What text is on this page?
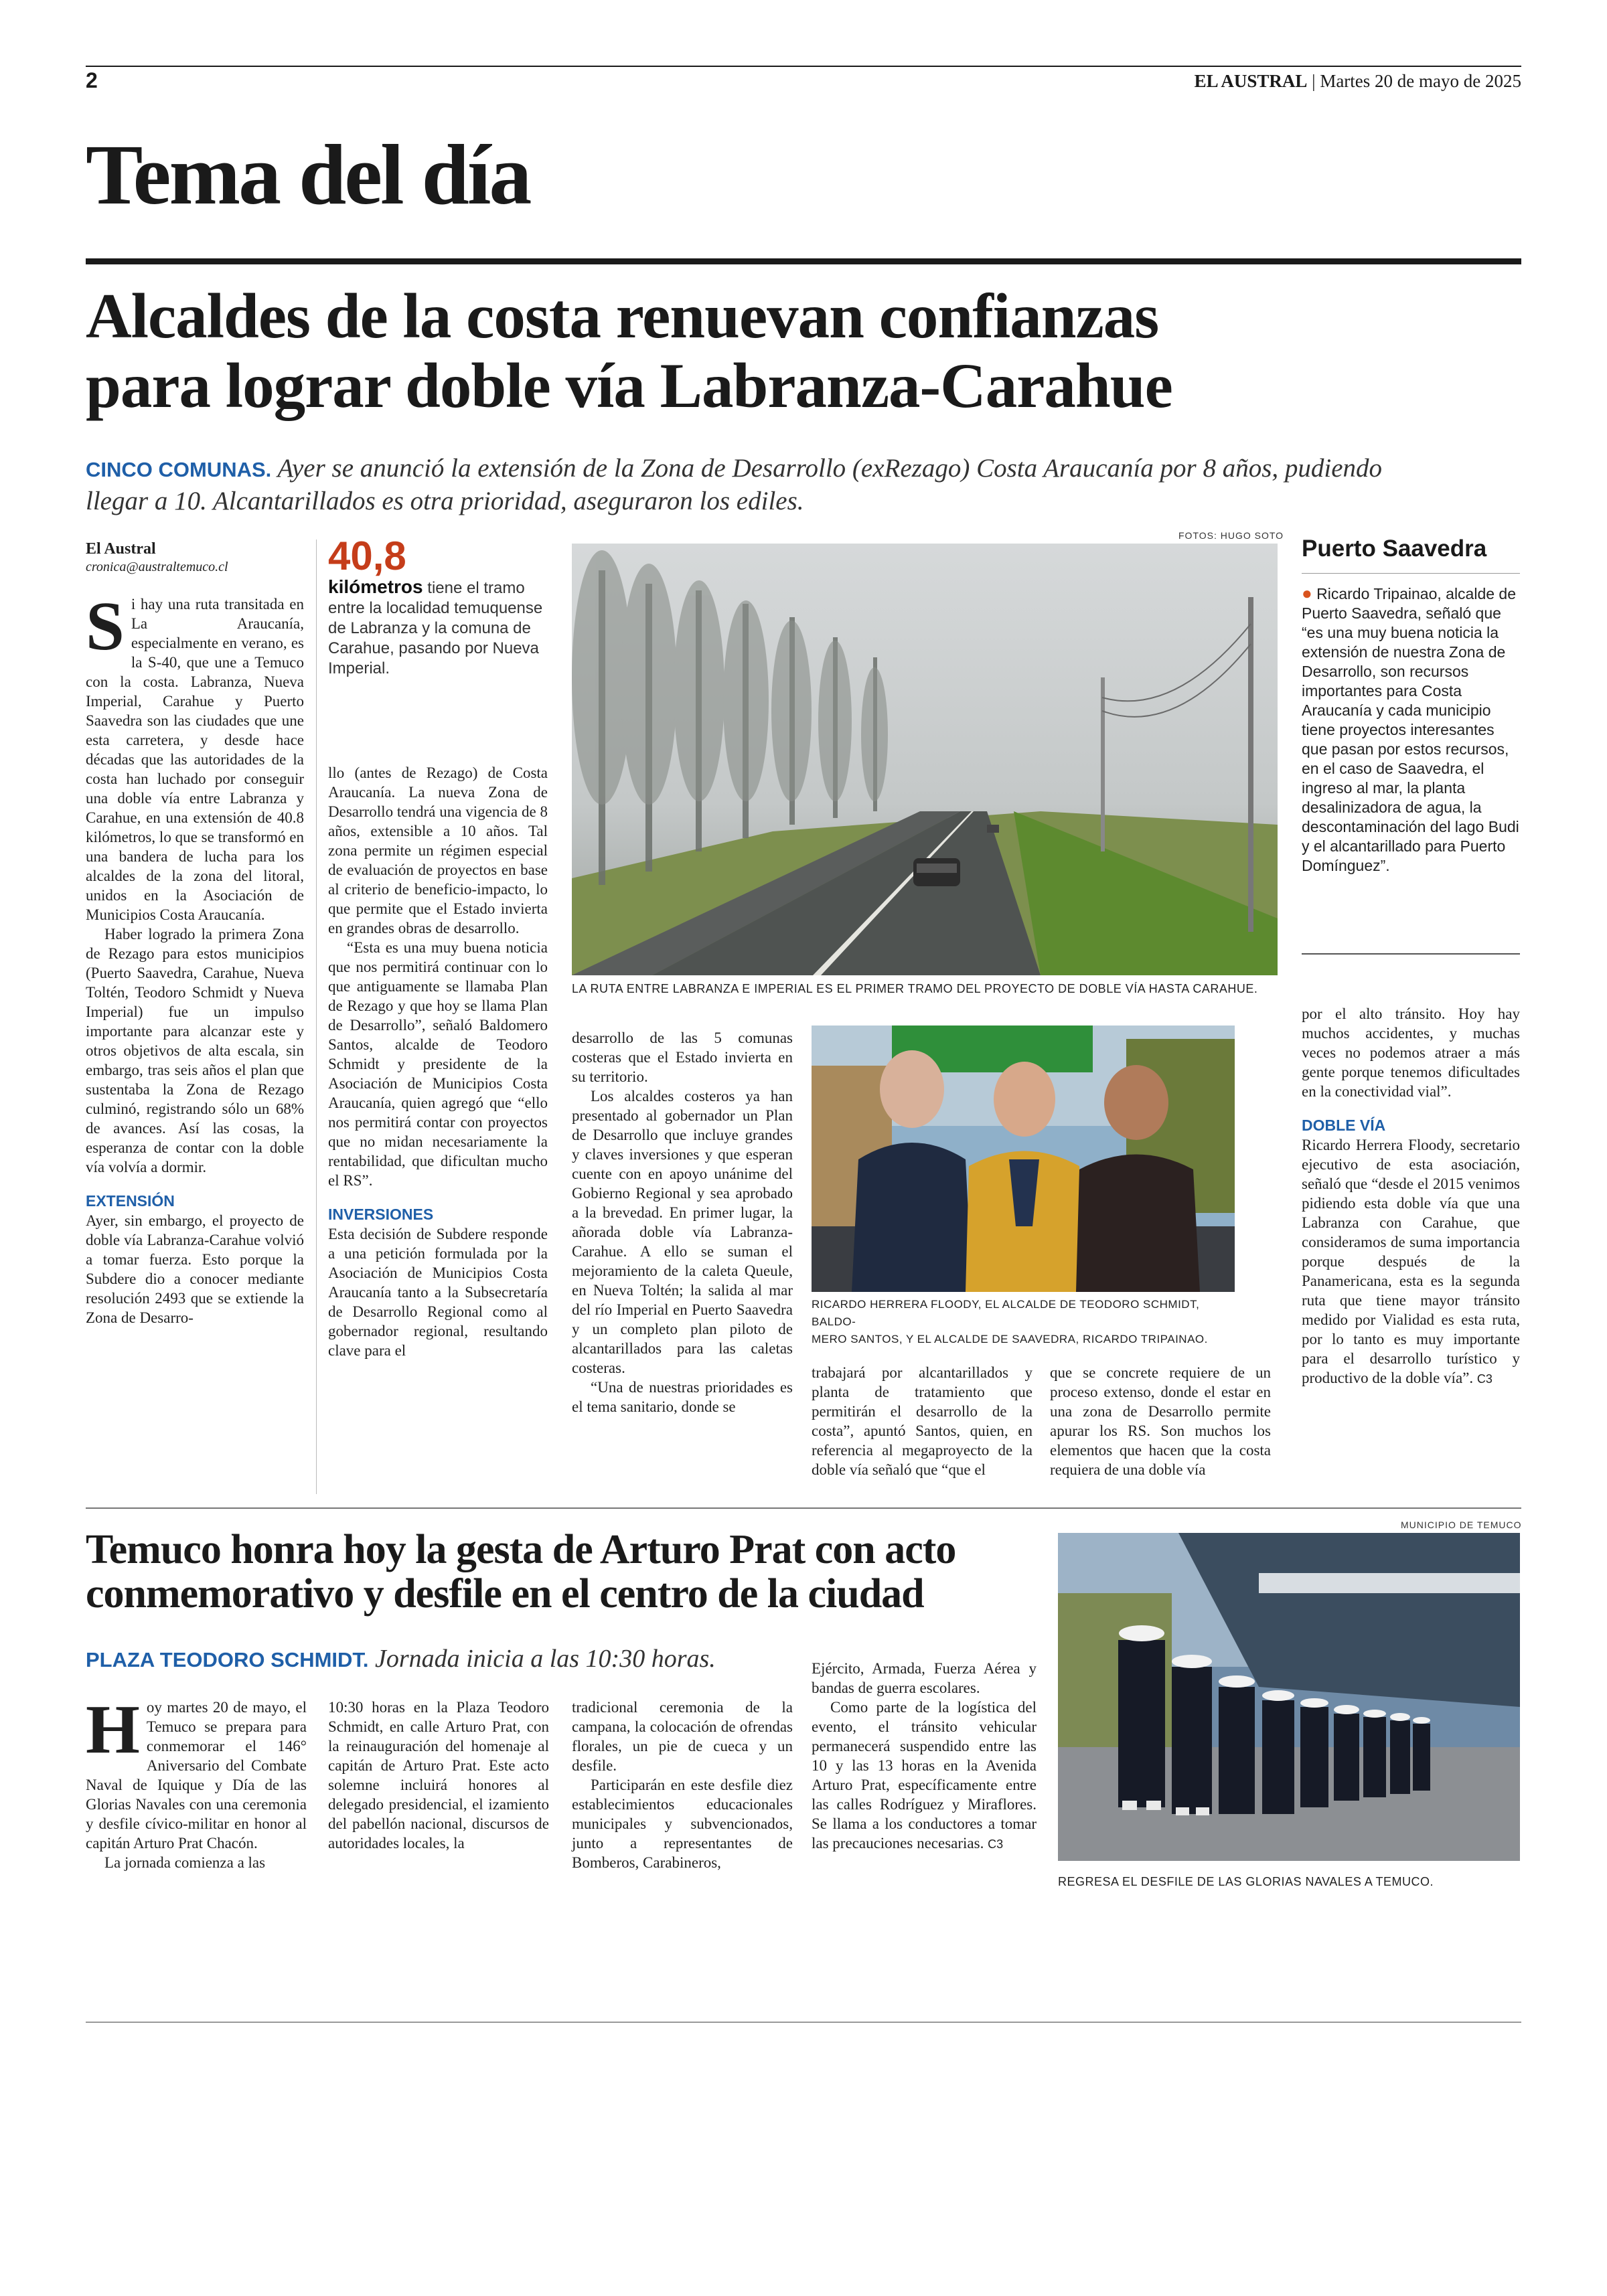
2	EL AUSTRAL | Martes 20 de mayo de 2025
Tema del día
Alcaldes de la costa renuevan confianzas
para lograr doble vía Labranza-Carahue
CINCO COMUNAS. Ayer se anunció la extensión de la Zona de Desarrollo (exRezago) Costa Araucanía por 8 años, pudiendo
llegar a 10. Alcantarillados es otra prioridad, aseguraron los ediles.
El Austral
cronica@australtemuco.cl

Si hay una ruta transitada en La Araucanía, especialmente en verano, es la S-40, que une a Temuco con la costa. Labranza, Nueva Imperial, Carahue y Puerto Saavedra son las ciudades que une esta carretera, y desde hace décadas que las autoridades de la costa han luchado por conseguir una doble vía entre Labranza y Carahue, en una extensión de 40.8 kilómetros, lo que se transformó en una bandera de lucha para los alcaldes de la zona del litoral, unidos en la Asociación de Municipios Costa Araucanía.

Haber logrado la primera Zona de Rezago para estos municipios (Puerto Saavedra, Carahue, Nueva Toltén, Teodoro Schmidt y Nueva Imperial) fue un impulso importante para alcanzar este y otros objetivos de alta escala, sin embargo, tras seis años el plan que sustentaba la Zona de Rezago culminó, registrando sólo un 68% de avances. Así las cosas, la esperanza de contar con la doble vía volvía a dormir.

EXTENSIÓN

Ayer, sin embargo, el proyecto de doble vía Labranza-Carahue volvió a tomar fuerza. Esto porque la Subdere dio a conocer mediante resolución 2493 que se extiende la Zona de Desarro-

40,8
kilómetros tiene el tramo entre la localidad temuquense de Labranza y la comuna de Carahue, pasando por Nueva Imperial.

llo (antes de Rezago) de Costa Araucanía. La nueva Zona de Desarrollo tendrá una vigencia de 8 años, extensible a 10 años. Tal zona permite un régimen especial de evaluación de proyectos en base al criterio de beneficio-impacto, lo que permite que el Estado invierta en grandes obras de desarrollo.

“Esta es una muy buena noticia que nos permitirá continuar con lo que antiguamente se llamaba Plan de Rezago y que hoy se llama Plan de Desarrollo”, señaló Baldomero Santos, alcalde de Teodoro Schmidt y presidente de la Asociación de Municipios Costa Araucanía, quien agregó que “ello nos permitirá contar con proyectos que no midan necesariamente la rentabilidad, que dificultan mucho el RS”.

INVERSIONES

Esta decisión de Subdere responde a una petición formulada por la Asociación de Municipios Costa Araucanía tanto a la Subsecretaría de Desarrollo Regional como al gobernador regional, resultando clave para el

FOTOS: HUGO SOTO
LA RUTA ENTRE LABRANZA E IMPERIAL ES EL PRIMER TRAMO DEL PROYECTO DE DOBLE VÍA HASTA CARAHUE.
RICARDO HERRERA FLOODY, EL ALCALDE DE TEODORO SCHMIDT, BALDO-
MERO SANTOS, Y EL ALCALDE DE SAAVEDRA, RICARDO TRIPAINAO.

desarrollo de las 5 comunas costeras que el Estado invierta en su territorio.

Los alcaldes costeros ya han presentado al gobernador un Plan de Desarrollo que incluye grandes y claves inversiones y que esperan cuente con en apoyo unánime del Gobierno Regional y sea aprobado a la brevedad. En primer lugar, la añorada doble vía Labranza-Carahue. A ello se suman el mejoramiento de la caleta Queule, en Nueva Toltén; la salida al mar del río Imperial en Puerto Saavedra y un completo plan piloto de alcantarillados para las caletas costeras.

“Una de nuestras prioridades es el tema sanitario, donde se

trabajará por alcantarillados y planta de tratamiento que permitirán el desarrollo de la costa”, apuntó Santos, quien, en referencia al megaproyecto de la doble vía señaló que “que el

que se concrete requiere de un proceso extenso, donde el estar en una zona de Desarrollo permite apurar los RS. Son muchos los elementos que hacen que la costa requiera de una doble vía

Puerto Saavedra
● Ricardo Tripainao, alcalde de Puerto Saavedra, señaló que “es una muy buena noticia la extensión de nuestra Zona de Desarrollo, son recursos importantes para Costa Araucanía y cada municipio tiene proyectos interesantes que pasan por estos recursos, en el caso de Saavedra, el ingreso al mar, la planta desalinizadora de agua, la descontaminación del lago Budi y el alcantarillado para Puerto Domínguez”.

por el alto tránsito. Hoy hay muchos accidentes, y muchas veces no podemos atraer a más gente porque tenemos dificultades en la conectividad vial”.

DOBLE VÍA

Ricardo Herrera Floody, secretario ejecutivo de esta asociación, señaló que “desde el 2015 venimos pidiendo esta doble vía que una Labranza con Carahue, que consideramos de suma importancia porque después de la Panamericana, esta es la segunda ruta que tiene mayor tránsito medido por Vialidad es esta ruta, por lo tanto es muy importante para el desarrollo turístico y productivo de la doble vía”. C3

Temuco honra hoy la gesta de Arturo Prat con acto
conmemorativo y desfile en el centro de la ciudad
PLAZA TEODORO SCHMIDT. Jornada inicia a las 10:30 horas.

Hoy martes 20 de mayo, el Temuco se prepara para conmemorar el 146° Aniversario del Combate Naval de Iquique y Día de las Glorias Navales con una ceremonia y desfile cívico-militar en honor al capitán Arturo Prat Chacón.

La jornada comienza a las

10:30 horas en la Plaza Teodoro Schmidt, en calle Arturo Prat, con la reinauguración del homenaje al capitán de Arturo Prat. Este acto solemne incluirá honores al delegado presidencial, el izamiento del pabellón nacional, discursos de autoridades locales, la

tradicional ceremonia de la campana, la colocación de ofrendas florales, un pie de cueca y un desfile.

Participarán en este desfile diez establecimientos educacionales municipales y subvencionados, junto a representantes de Bomberos, Carabineros,

Ejército, Armada, Fuerza Aérea y bandas de guerra escolares.

Como parte de la logística del evento, el tránsito vehicular permanecerá suspendido entre las 10 y las 13 horas en la Avenida Arturo Prat, específicamente entre las calles Rodríguez y Miraflores. Se llama a los conductores a tomar las precauciones necesarias. C3

MUNICIPIO DE TEMUCO
REGRESA EL DESFILE DE LAS GLORIAS NAVALES A TEMUCO.
